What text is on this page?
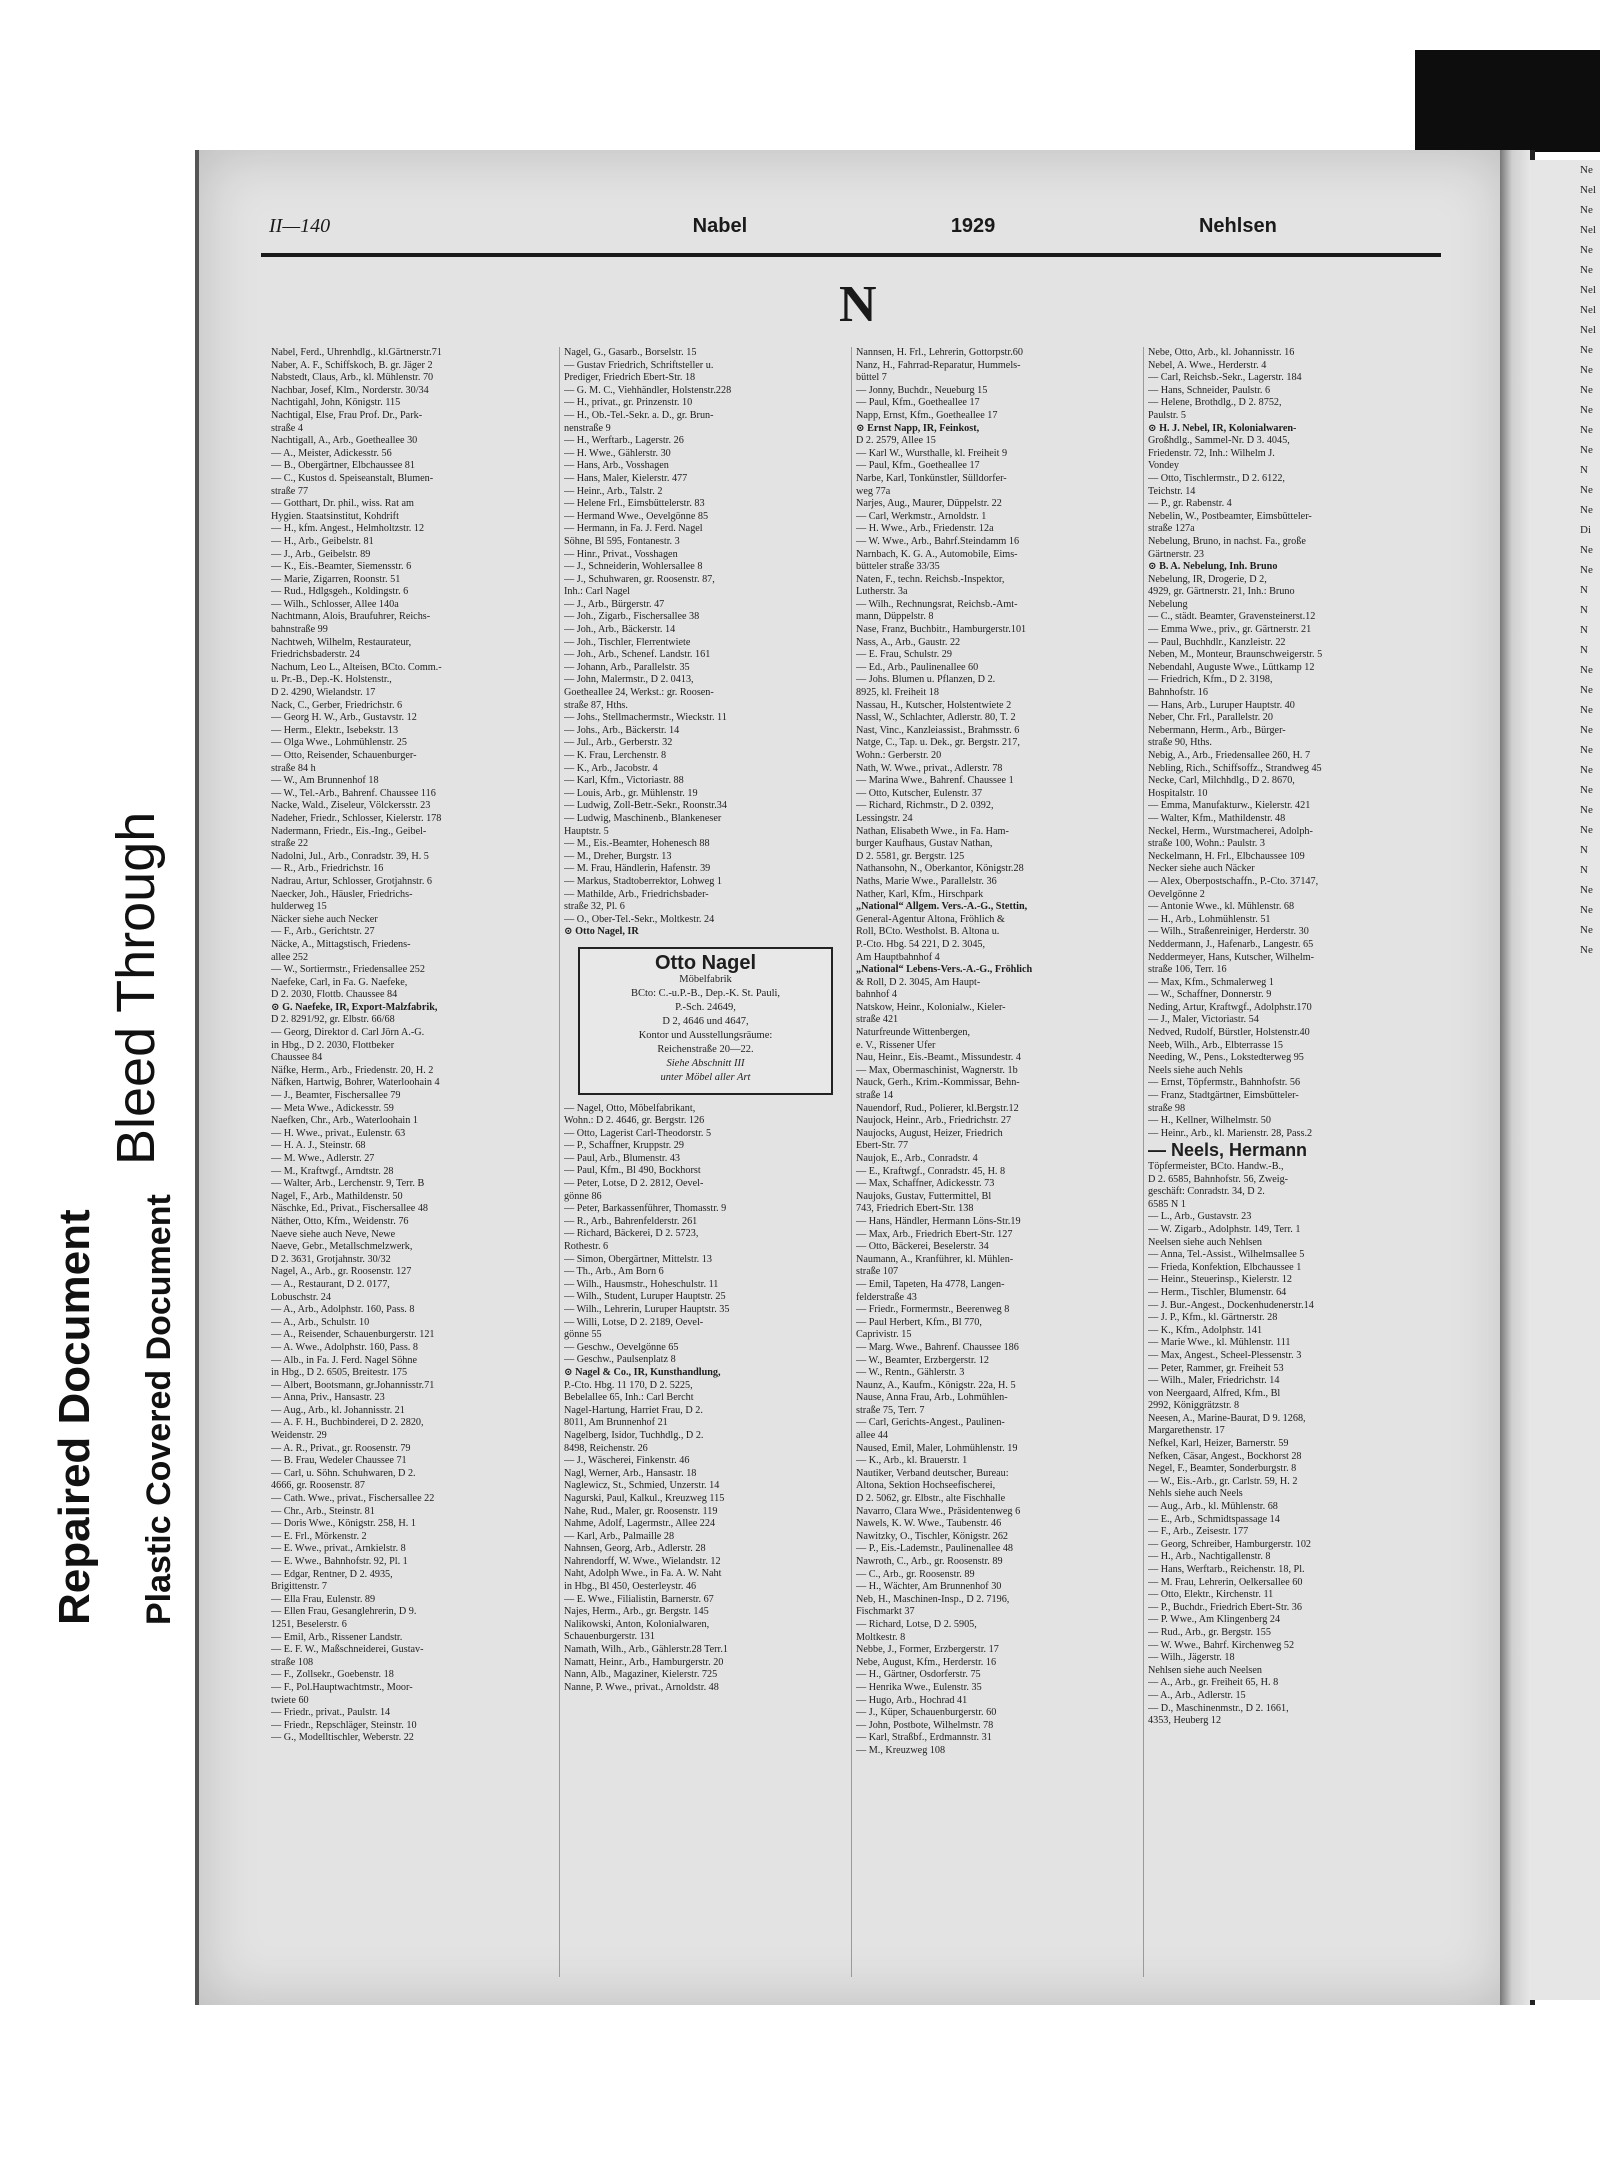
Bleed Through
Repaired Document Plastic Covered Document
II—140	Nabel	1929	Nehlsen
N
Nabel, Ferd., Uhrenhdlg., kl.Gärtnerstr.71
Naber, A. F., Schiffskoch, B. gr. Jäger 2
Nabstedt, Claus, Arb., kl. Mühlenstr. 70
Nachbar, Josef, Klm., Norderstr. 30/34
Nachtigahl, John, Königstr. 115
Nachtigal, Else, Frau Prof. Dr., Park-
straße 4
Nachtigall, A., Arb., Goetheallee 30
— A., Meister, Adickesstr. 56
— B., Obergärtner, Elbchaussee 81
— C., Kustos d. Speiseanstalt, Blumen-
straße 77
— Gotthart, Dr. phil., wiss. Rat am
Hygien. Staatsinstitut, Kohdrift
— H., kfm. Angest., Helmholtzstr. 12
— H., Arb., Geibelstr. 81
— J., Arb., Geibelstr. 89
— K., Eis.-Beamter, Siemensstr. 6
— Marie, Zigarren, Roonstr. 51
— Rud., Hdlgsgeh., Koldingstr. 6
— Wilh., Schlosser, Allee 140a
Nachtmann, Alois, Braufuhrer, Reichs-
bahnstraße 99
Nachtweh, Wilhelm, Restaurateur,
Friedrichsbaderstr. 24
Nachum, Leo L., Alteisen, BCto. Comm.-
u. Pr.-B., Dep.-K. Holstenstr.,
D 2. 4290, Wielandstr. 17
Nack, C., Gerber, Friedrichstr. 6
— Georg H. W., Arb., Gustavstr. 12
— Herm., Elektr., Isebekstr. 13
— Olga Wwe., Lohmühlenstr. 25
— Otto, Reisender, Schauenburger-
straße 84 h
— W., Am Brunnenhof 18
— W., Tel.-Arb., Bahrenf. Chaussee 116
Nacke, Wald., Ziseleur, Völckersstr. 23
Nadeher, Friedr., Schlosser, Kielerstr. 178
Nadermann, Friedr., Eis.-Ing., Geibel-
straße 22
Nadolni, Jul., Arb., Conradstr. 39, H. 5
— R., Arb., Friedrichstr. 16
Nadrau, Artur, Schlosser, Grotjahnstr. 6
Naecker, Joh., Häusler, Friedrichs-
hulderweg 15
Näcker siehe auch Necker
— F., Arb., Gerichtstr. 27
Näcke, A., Mittagstisch, Friedens-
allee 252
— W., Sortiermstr., Friedensallee 252
Naefeke, Carl, in Fa. G. Naefeke,
D 2. 2030, Flottb. Chaussee 84
⊙ G. Naefeke, IR, Export-Malzfabrik,
D 2. 8291/92, gr. Elbstr. 66/68
— Georg, Direktor d. Carl Jörn A.-G.
in Hbg., D 2. 2030, Flottbeker
Chaussee 84
Näfke, Herm., Arb., Friedenstr. 20, H. 2
Näfken, Hartwig, Bohrer, Waterloohain 4
— J., Beamter, Fischersallee 79
— Meta Wwe., Adickesstr. 59
Naefken, Chr., Arb., Waterloohain 1
— H. Wwe., privat., Eulenstr. 63
— H. A. J., Steinstr. 68
— M. Wwe., Adlerstr. 27
— M., Kraftwgf., Arndtstr. 28
— Walter, Arb., Lerchenstr. 9, Terr. B
Nagel, F., Arb., Mathildenstr. 50
Näschke, Ed., Privat., Fischersallee 48
Näther, Otto, Kfm., Weidenstr. 76
Naeve siehe auch Neve, Newe
Naeve, Gebr., Metallschmelzwerk,
D 2. 3631, Grotjahnstr. 30/32
Nagel, A., Arb., gr. Roosenstr. 127
— A., Restaurant, D 2. 0177,
Lobuschstr. 24
— A., Arb., Adolphstr. 160, Pass. 8
— A., Arb., Schulstr. 10
— A., Reisender, Schauenburgerstr. 121
— A. Wwe., Adolphstr. 160, Pass. 8
— Alb., in Fa. J. Ferd. Nagel Söhne
in Hbg., D 2. 6505, Breitestr. 175
— Albert, Bootsmann, gr.Johannisstr.71
— Anna, Priv., Hansastr. 23
— Aug., Arb., kl. Johannisstr. 21
— A. F. H., Buchbinderei, D 2. 2820,
Weidenstr. 29
— A. R., Privat., gr. Roosenstr. 79
— B. Frau, Wedeler Chaussee 71
— Carl, u. Söhn. Schuhwaren, D 2.
4666, gr. Roosenstr. 87
— Cath. Wwe., privat., Fischersallee 22
— Chr., Arb., Steinstr. 81
— Doris Wwe., Königstr. 258, H. 1
— E. Frl., Mörkenstr. 2
— E. Wwe., privat., Arnkielstr. 8
— E. Wwe., Bahnhofstr. 92, Pl. 1
— Edgar, Rentner, D 2. 4935,
Brigittenstr. 7
— Ella Frau, Eulenstr. 89
— Ellen Frau, Gesanglehrerin, D 9.
1251, Beselerstr. 6
— Emil, Arb., Rissener Landstr.
— E. F. W., Maßschneiderei, Gustav-
straße 108
— F., Zollsekr., Goebenstr. 18
— F., Pol.Hauptwachtmstr., Moor-
twiete 60
— Friedr., privat., Paulstr. 14
— Friedr., Repschläger, Steinstr. 10
— G., Modelltischler, Weberstr. 22
Nagel, G., Gasarb., Borselstr. 15
— Gustav Friedrich, Schriftsteller u.
Prediger, Friedrich Ebert-Str. 18
— G. M. C., Viehhändler, Holstenstr.228
— H., privat., gr. Prinzenstr. 10
— H., Ob.-Tel.-Sekr. a. D., gr. Brun-
nenstraße 9
— H., Werftarb., Lagerstr. 26
— H. Wwe., Gählerstr. 30
— Hans, Arb., Vosshagen
— Hans, Maler, Kielerstr. 477
— Heinr., Arb., Talstr. 2
— Helene Frl., Eimsbüttelerstr. 83
— Hermand Wwe., Oevelgönne 85
— Hermann, in Fa. J. Ferd. Nagel
Söhne, Bl 595, Fontanestr. 3
— Hinr., Privat., Vosshagen
— J., Schneiderin, Wohlersallee 8
— J., Schuhwaren, gr. Roosenstr. 87,
Inh.: Carl Nagel
— J., Arb., Bürgerstr. 47
— Joh., Zigarb., Fischersallee 38
— Joh., Arb., Bäckerstr. 14
— Joh., Tischler, Flerrentwiete
— Joh., Arb., Schenef. Landstr. 161
— Johann, Arb., Parallelstr. 35
— John, Malermstr., D 2. 0413,
Goetheallee 24, Werkst.: gr. Roosen-
straße 87, Hths.
— Johs., Stellmachermstr., Wieckstr. 11
— Johs., Arb., Bäckerstr. 14
— Jul., Arb., Gerberstr. 32
— K. Frau, Lerchenstr. 8
— K., Arb., Jacobstr. 4
— Karl, Kfm., Victoriastr. 88
— Louis, Arb., gr. Mühlenstr. 19
— Ludwig, Zoll-Betr.-Sekr., Roonstr.34
— Ludwig, Maschinenb., Blankeneser
Hauptstr. 5
— M., Eis.-Beamter, Hohenesch 88
— M., Dreher, Burgstr. 13
— M. Frau, Händlerin, Hafenstr. 39
— Markus, Stadtoberrektor, Lohweg 1
— Mathilde, Arb., Friedrichsbader-
straße 32, Pl. 6
— O., Ober-Tel.-Sekr., Moltkestr. 24
⊙ Otto Nagel, IR
Otto Nagel
Möbelfabrik
BCto: C.-u.P.-B., Dep.-K. St. Pauli,
P.-Sch. 24649,
D 2, 4646 und 4647,
Kontor und Ausstellungsräume:
Reichenstraße 20—22.
Siehe Abschnitt III
unter Möbel aller Art
— Nagel, Otto, Möbelfabrikant,
Wohn.: D 2. 4646, gr. Bergstr. 126
— Otto, Lagerist Carl-Theodorstr. 5
— P., Schaffner, Kruppstr. 29
— Paul, Arb., Blumenstr. 43
— Paul, Kfm., Bl 490, Bockhorst
— Peter, Lotse, D 2. 2812, Oevel-
gönne 86
— Peter, Barkassenführer, Thomasstr. 9
— R., Arb., Bahrenfelderstr. 261
— Richard, Bäckerei, D 2. 5723,
Rothestr. 6
— Simon, Obergärtner, Mittelstr. 13
— Th., Arb., Am Born 6
— Wilh., Hausmstr., Hoheschulstr. 11
— Wilh., Student, Luruper Hauptstr. 25
— Wilh., Lehrerin, Luruper Hauptstr. 35
— Willi, Lotse, D 2. 2189, Oevel-
gönne 55
— Geschw., Oevelgönne 65
— Geschw., Paulsenplatz 8
⊙ Nagel & Co., IR, Kunsthandlung,
P.-Cto. Hbg. 11 170, D 2. 5225,
Bebelallee 65, Inh.: Carl Bercht
Nagel-Hartung, Harriet Frau, D 2.
8011, Am Brunnenhof 21
Nagelberg, Isidor, Tuchhdlg., D 2.
8498, Reichenstr. 26
— J., Wäscherei, Finkenstr. 46
Nagl, Werner, Arb., Hansastr. 18
Naglewicz, St., Schmied, Unzerstr. 14
Nagurski, Paul, Kalkul., Kreuzweg 115
Nahe, Rud., Maler, gr. Roosenstr. 119
Nahme, Adolf, Lagermstr., Allee 224
— Karl, Arb., Palmaille 28
Nahnsen, Georg, Arb., Adlerstr. 28
Nahrendorff, W. Wwe., Wielandstr. 12
Naht, Adolph Wwe., in Fa. A. W. Naht
in Hbg., Bl 450, Oesterleystr. 46
— E. Wwe., Filialistin, Barnerstr. 67
Najes, Herm., Arb., gr. Bergstr. 145
Nalikowski, Anton, Kolonialwaren,
Schauenburgerstr. 131
Namath, Wilh., Arb., Gählerstr.28 Terr.1
Namatt, Heinr., Arb., Hamburgerstr. 20
Nann, Alb., Magaziner, Kielerstr. 725
Nanne, P. Wwe., privat., Arnoldstr. 48
Nannsen, H. Frl., Lehrerin, Gottorpstr.60
Nanz, H., Fahrrad-Reparatur, Hummels-
büttel 7
— Jonny, Buchdr., Neueburg 15
— Paul, Kfm., Goetheallee 17
Napp, Ernst, Kfm., Goetheallee 17
⊙ Ernst Napp, IR, Feinkost,
D 2. 2579, Allee 15
— Karl W., Wursthalle, kl. Freiheit 9
— Paul, Kfm., Goetheallee 17
Narbe, Karl, Tonkünstler, Sülldorfer-
weg 77a
Narjes, Aug., Maurer, Düppelstr. 22
— Carl, Werkmstr., Arnoldstr. 1
— H. Wwe., Arb., Friedenstr. 12a
— W. Wwe., Arb., Bahrf.Steindamm 16
Narnbach, K. G. A., Automobile, Eims-
bütteler straße 33/35
Naten, F., techn. Reichsb.-Inspektor,
Lutherstr. 3a
— Wilh., Rechnungsrat, Reichsb.-Amt-
mann, Düppelstr. 8
Nase, Franz, Buchbitr., Hamburgerstr.101
Nass, A., Arb., Gaustr. 22
— E. Frau, Schulstr. 29
— Ed., Arb., Paulinenallee 60
— Johs. Blumen u. Pflanzen, D 2.
8925, kl. Freiheit 18
Nassau, H., Kutscher, Holstentwiete 2
Nassl, W., Schlachter, Adlerstr. 80, T. 2
Nast, Vinc., Kanzleiassist., Brahmsstr. 6
Natge, C., Tap. u. Dek., gr. Bergstr. 217,
Wohn.: Gerberstr. 20
Nath, W. Wwe., privat., Adlerstr. 78
— Marina Wwe., Bahrenf. Chaussee 1
— Otto, Kutscher, Eulenstr. 37
— Richard, Richmstr., D 2. 0392,
Lessingstr. 24
Nathan, Elisabeth Wwe., in Fa. Ham-
burger Kaufhaus, Gustav Nathan,
D 2. 5581, gr. Bergstr. 125
Nathansohn, N., Oberkantor, Königstr.28
Naths, Marie Wwe., Parallelstr. 36
Nather, Karl, Kfm., Hirschpark
„National“ Allgem. Vers.-A.-G., Stettin,
General-Agentur Altona, Fröhlich &
Roll, BCto. Westholst. B. Altona u.
P.-Cto. Hbg. 54 221, D 2. 3045,
Am Hauptbahnhof 4
„National“ Lebens-Vers.-A.-G., Fröhlich
& Roll, D 2. 3045, Am Haupt-
bahnhof 4
Natskow, Heinr., Kolonialw., Kieler-
straße 421
Naturfreunde Wittenbergen,
e. V., Rissener Ufer
Nau, Heinr., Eis.-Beamt., Missundestr. 4
— Max, Obermaschinist, Wagnerstr. 1b
Nauck, Gerh., Krim.-Kommissar, Behn-
straße 14
Nauendorf, Rud., Polierer, kl.Bergstr.12
Naujock, Heinr., Arb., Friedrichstr. 27
Naujocks, August, Heizer, Friedrich
Ebert-Str. 77
Naujok, E., Arb., Conradstr. 4
— E., Kraftwgf., Conradstr. 45, H. 8
— Max, Schaffner, Adickesstr. 73
Naujoks, Gustav, Futtermittel, Bl
743, Friedrich Ebert-Str. 138
— Hans, Händler, Hermann Löns-Str.19
— Max, Arb., Friedrich Ebert-Str. 127
— Otto, Bäckerei, Beselerstr. 34
Naumann, A., Kranführer, kl. Mühlen-
straße 107
— Emil, Tapeten, Ha 4778, Langen-
felderstraße 43
— Friedr., Formermstr., Beerenweg 8
— Paul Herbert, Kfm., Bl 770,
Caprivistr. 15
— Marg. Wwe., Bahrenf. Chaussee 186
— W., Beamter, Erzbergerstr. 12
— W., Rentn., Gählerstr. 3
Naunz, A., Kaufm., Königstr. 22a, H. 5
Nause, Anna Frau, Arb., Lohmühlen-
straße 75, Terr. 7
— Carl, Gerichts-Angest., Paulinen-
allee 44
Naused, Emil, Maler, Lohmühlenstr. 19
— K., Arb., kl. Brauerstr. 1
Nautiker, Verband deutscher, Bureau:
Altona, Sektion Hochseefischerei,
D 2. 5062, gr. Elbstr., alte Fischhalle
Navarro, Clara Wwe., Präsidentenweg 6
Nawels, K. W. Wwe., Taubenstr. 46
Nawitzky, O., Tischler, Königstr. 262
— P., Eis.-Lademstr., Paulinenallee 48
Nawroth, C., Arb., gr. Roosenstr. 89
— C., Arb., gr. Roosenstr. 89
— H., Wächter, Am Brunnenhof 30
Neb, H., Maschinen-Insp., D 2. 7196,
Fischmarkt 37
— Richard, Lotse, D 2. 5905,
Moltkestr. 8
Nebbe, J., Former, Erzbergerstr. 17
Nebe, August, Kfm., Herderstr. 16
— H., Gärtner, Osdorferstr. 75
— Henrika Wwe., Eulenstr. 35
— Hugo, Arb., Hochrad 41
— J., Küper, Schauenburgerstr. 60
— John, Postbote, Wilhelmstr. 78
— Karl, Straßbf., Erdmannstr. 31
— M., Kreuzweg 108
Nebe, Otto, Arb., kl. Johannisstr. 16
Nebel, A. Wwe., Herderstr. 4
— Carl, Reichsb.-Sekr., Lagerstr. 184
— Hans, Schneider, Paulstr. 6
— Helene, Brothdlg., D 2. 8752,
Paulstr. 5
⊙ H. J. Nebel, IR, Kolonialwaren-
Großhdlg., Sammel-Nr. D 3. 4045,
Friedenstr. 72, Inh.: Wilhelm J.
Vondey
— Otto, Tischlermstr., D 2. 6122,
Teichstr. 14
— P., gr. Rabenstr. 4
Nebelin, W., Postbeamter, Eimsbütteler-
straße 127a
Nebelung, Bruno, in nachst. Fa., große
Gärtnerstr. 23
⊙ B. A. Nebelung, Inh. Bruno
Nebelung, IR, Drogerie, D 2,
4929, gr. Gärtnerstr. 21, Inh.: Bruno
Nebelung
— C., städt. Beamter, Gravensteinerst.12
— Emma Wwe., priv., gr. Gärtnerstr. 21
— Paul, Buchhdlr., Kanzleistr. 22
Neben, M., Monteur, Braunschweigerstr. 5
Nebendahl, Auguste Wwe., Lüttkamp 12
— Friedrich, Kfm., D 2. 3198,
Bahnhofstr. 16
— Hans, Arb., Luruper Hauptstr. 40
Neber, Chr. Frl., Parallelstr. 20
Nebermann, Herm., Arb., Bürger-
straße 90, Hths.
Nebig, A., Arb., Friedensallee 260, H. 7
Nebling, Rich., Schiffsoffz., Strandweg 45
Necke, Carl, Milchhdlg., D 2. 8670,
Hospitalstr. 10
— Emma, Manufakturw., Kielerstr. 421
— Walter, Kfm., Mathildenstr. 48
Neckel, Herm., Wurstmacherei, Adolph-
straße 100, Wohn.: Paulstr. 3
Neckelmann, H. Frl., Elbchaussee 109
Necker siehe auch Näcker
— Alex, Oberpostschaffn., P.-Cto. 37147,
Oevelgönne 2
— Antonie Wwe., kl. Mühlenstr. 68
— H., Arb., Lohmühlenstr. 51
— Wilh., Straßenreiniger, Herderstr. 30
Neddermann, J., Hafenarb., Langestr. 65
Neddermeyer, Hans, Kutscher, Wilhelm-
straße 106, Terr. 16
— Max, Kfm., Schmalerweg 1
— W., Schaffner, Donnerstr. 9
Neding, Artur, Kraftwgf., Adolphstr.170
— J., Maler, Victoriastr. 54
Nedved, Rudolf, Bürstler, Holstenstr.40
Neeb, Wilh., Arb., Elbterrasse 15
Needing, W., Pens., Lokstedterweg 95
Neels siehe auch Nehls
— Ernst, Töpfermstr., Bahnhofstr. 56
— Franz, Stadtgärtner, Eimsbütteler-
straße 98
— H., Kellner, Wilhelmstr. 50
— Heinr., Arb., kl. Marienstr. 28, Pass.2
— Neels, Hermann
Töpfermeister, BCto. Handw.-B.,
D 2. 6585, Bahnhofstr. 56, Zweig-
geschäft: Conradstr. 34, D 2.
6585 N 1
— L., Arb., Gustavstr. 23
— W. Zigarb., Adolphstr. 149, Terr. 1
Neelsen siehe auch Nehlsen
— Anna, Tel.-Assist., Wilhelmsallee 5
— Frieda, Konfektion, Elbchaussee 1
— Heinr., Steuerinsp., Kielerstr. 12
— Herm., Tischler, Blumenstr. 64
— J. Bur.-Angest., Dockenhudenerstr.14
— J. P., Kfm., kl. Gärtnerstr. 28
— K., Kfm., Adolphstr. 141
— Marie Wwe., kl. Mühlenstr. 111
— Max, Angest., Scheel-Plessenstr. 3
— Peter, Rammer, gr. Freiheit 53
— Wilh., Maler, Friedrichstr. 14
von Neergaard, Alfred, Kfm., Bl
2992, Königgrätzstr. 8
Neesen, A., Marine-Baurat, D 9. 1268,
Margarethenstr. 17
Nefkel, Karl, Heizer, Barnerstr. 59
Nefken, Cäsar, Angest., Bockhorst 28
Negel, F., Beamter, Sonderburgstr. 8
— W., Eis.-Arb., gr. Carlstr. 59, H. 2
Nehls siehe auch Neels
— Aug., Arb., kl. Mühlenstr. 68
— E., Arb., Schmidtspassage 14
— F., Arb., Zeisestr. 177
— Georg, Schreiber, Hamburgerstr. 102
— H., Arb., Nachtigallenstr. 8
— Hans, Werftarb., Reichenstr. 18, Pl.
— M. Frau, Lehrerin, Oelkersallee 60
— Otto, Elektr., Kirchenstr. 11
— P., Buchdr., Friedrich Ebert-Str. 36
— P. Wwe., Am Klingenberg 24
— Rud., Arb., gr. Bergstr. 155
— W. Wwe., Bahrf. Kirchenweg 52
— Wilh., Jägerstr. 18
Nehlsen siehe auch Neelsen
— A., Arb., gr. Freiheit 65, H. 8
— A., Arb., Adlerstr. 15
— D., Maschinenmstr., D 2. 1661,
4353, Heuberg 12
Ne
Nel
Ne
Nel
Ne
Ne
Nel
Nel
Nel
Ne
Ne
Ne
Ne
Ne
Ne
N
Ne
Ne
Di
Ne
Ne
N
N
N
N
Ne
Ne
Ne
Ne
Ne
Ne
Ne
Ne
Ne
N
N
Ne
Ne
Ne
Ne
